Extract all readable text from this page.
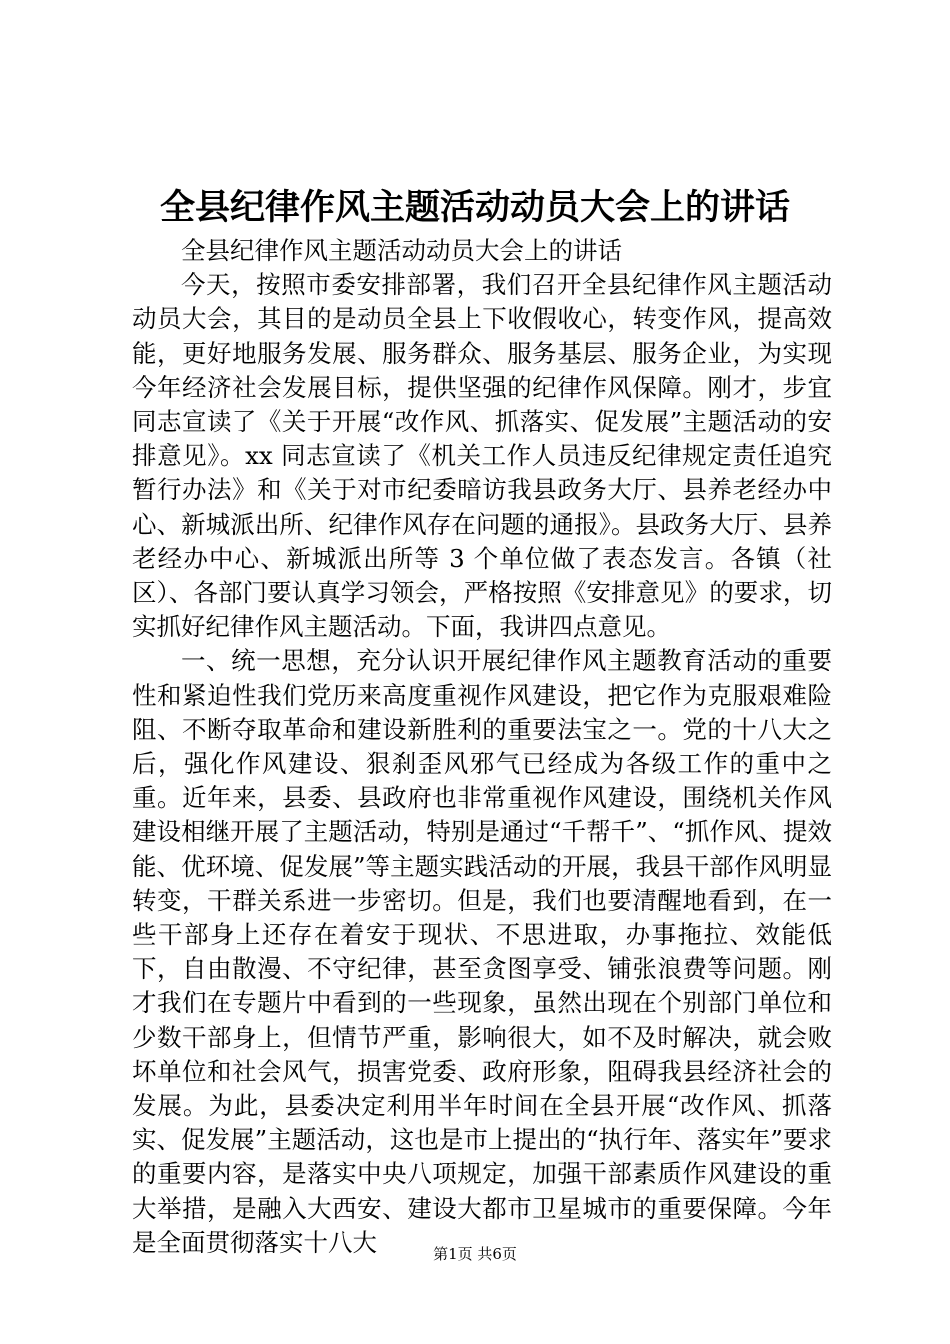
全县纪律作风主题活动动员大会上的讲话

全县纪律作风主题活动动员大会上的讲话

今天，按照市委安排部署，我们召开全县纪律作风主题活动动员大会，其目的是动员全县上下收假收心，转变作风，提高效能，更好地服务发展、服务群众、服务基层、服务企业，为实现今年经济社会发展目标，提供坚强的纪律作风保障。刚才，步宜同志宣读了《关于开展“改作风、抓落实、促发展”主题活动的安排意见》。xx 同志宣读了《机关工作人员违反纪律规定责任追究暂行办法》和《关于对市纪委暗访我县政务大厅、县养老经办中心、新城派出所、纪律作风存在问题的通报》。县政务大厅、县养老经办中心、新城派出所等 3 个单位做了表态发言。各镇（社区）、各部门要认真学习领会，严格按照《安排意见》的要求，切实抓好纪律作风主题活动。下面，我讲四点意见。

一、统一思想，充分认识开展纪律作风主题教育活动的重要性和紧迫性我们党历来高度重视作风建设，把它作为克服艰难险阻、不断夺取革命和建设新胜利的重要法宝之一。党的十八大之后，强化作风建设、狠刹歪风邪气已经成为各级工作的重中之重。近年来，县委、县政府也非常重视作风建设，围绕机关作风建设相继开展了主题活动，特别是通过“千帮千”、“抓作风、提效能、优环境、促发展”等主题实践活动的开展，我县干部作风明显转变，干群关系进一步密切。但是，我们也要清醒地看到，在一些干部身上还存在着安于现状、不思进取，办事拖拉、效能低下，自由散漫、不守纪律，甚至贪图享受、铺张浪费等问题。刚才我们在专题片中看到的一些现象，虽然出现在个别部门单位和少数干部身上，但情节严重，影响很大，如不及时解决，就会败坏单位和社会风气，损害党委、政府形象，阻碍我县经济社会的发展。为此，县委决定利用半年时间在全县开展“改作风、抓落实、促发展”主题活动，这也是市上提出的“执行年、落实年”要求的重要内容，是落实中央八项规定，加强干部素质作风建设的重大举措，是融入大西安、建设大都市卫星城市的重要保障。今年是全面贯彻落实十八大	第1页 共6页
